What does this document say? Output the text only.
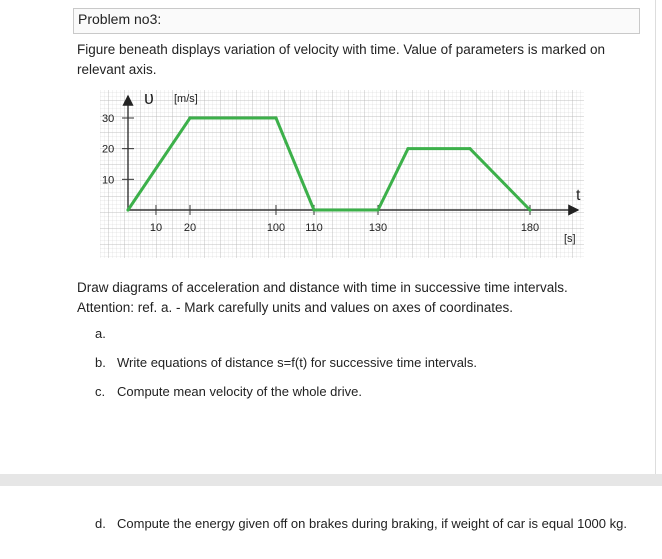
Problem no3:
Figure beneath displays variation of velocity with time. Value of parameters is marked on relevant axis.
υ [m/s]
t
[s]
30
20
10
10 20	100 110	130	180
Draw diagrams of acceleration and distance with time in successive time intervals.
Attention: ref. a. - Mark carefully units and values on axes of coordinates.
a.
b. Write equations of distance s=f(t) for successive time intervals.
c. Compute mean velocity of the whole drive.
d. Compute the energy given off on brakes during braking, if weight of car is equal 1000 kg.
